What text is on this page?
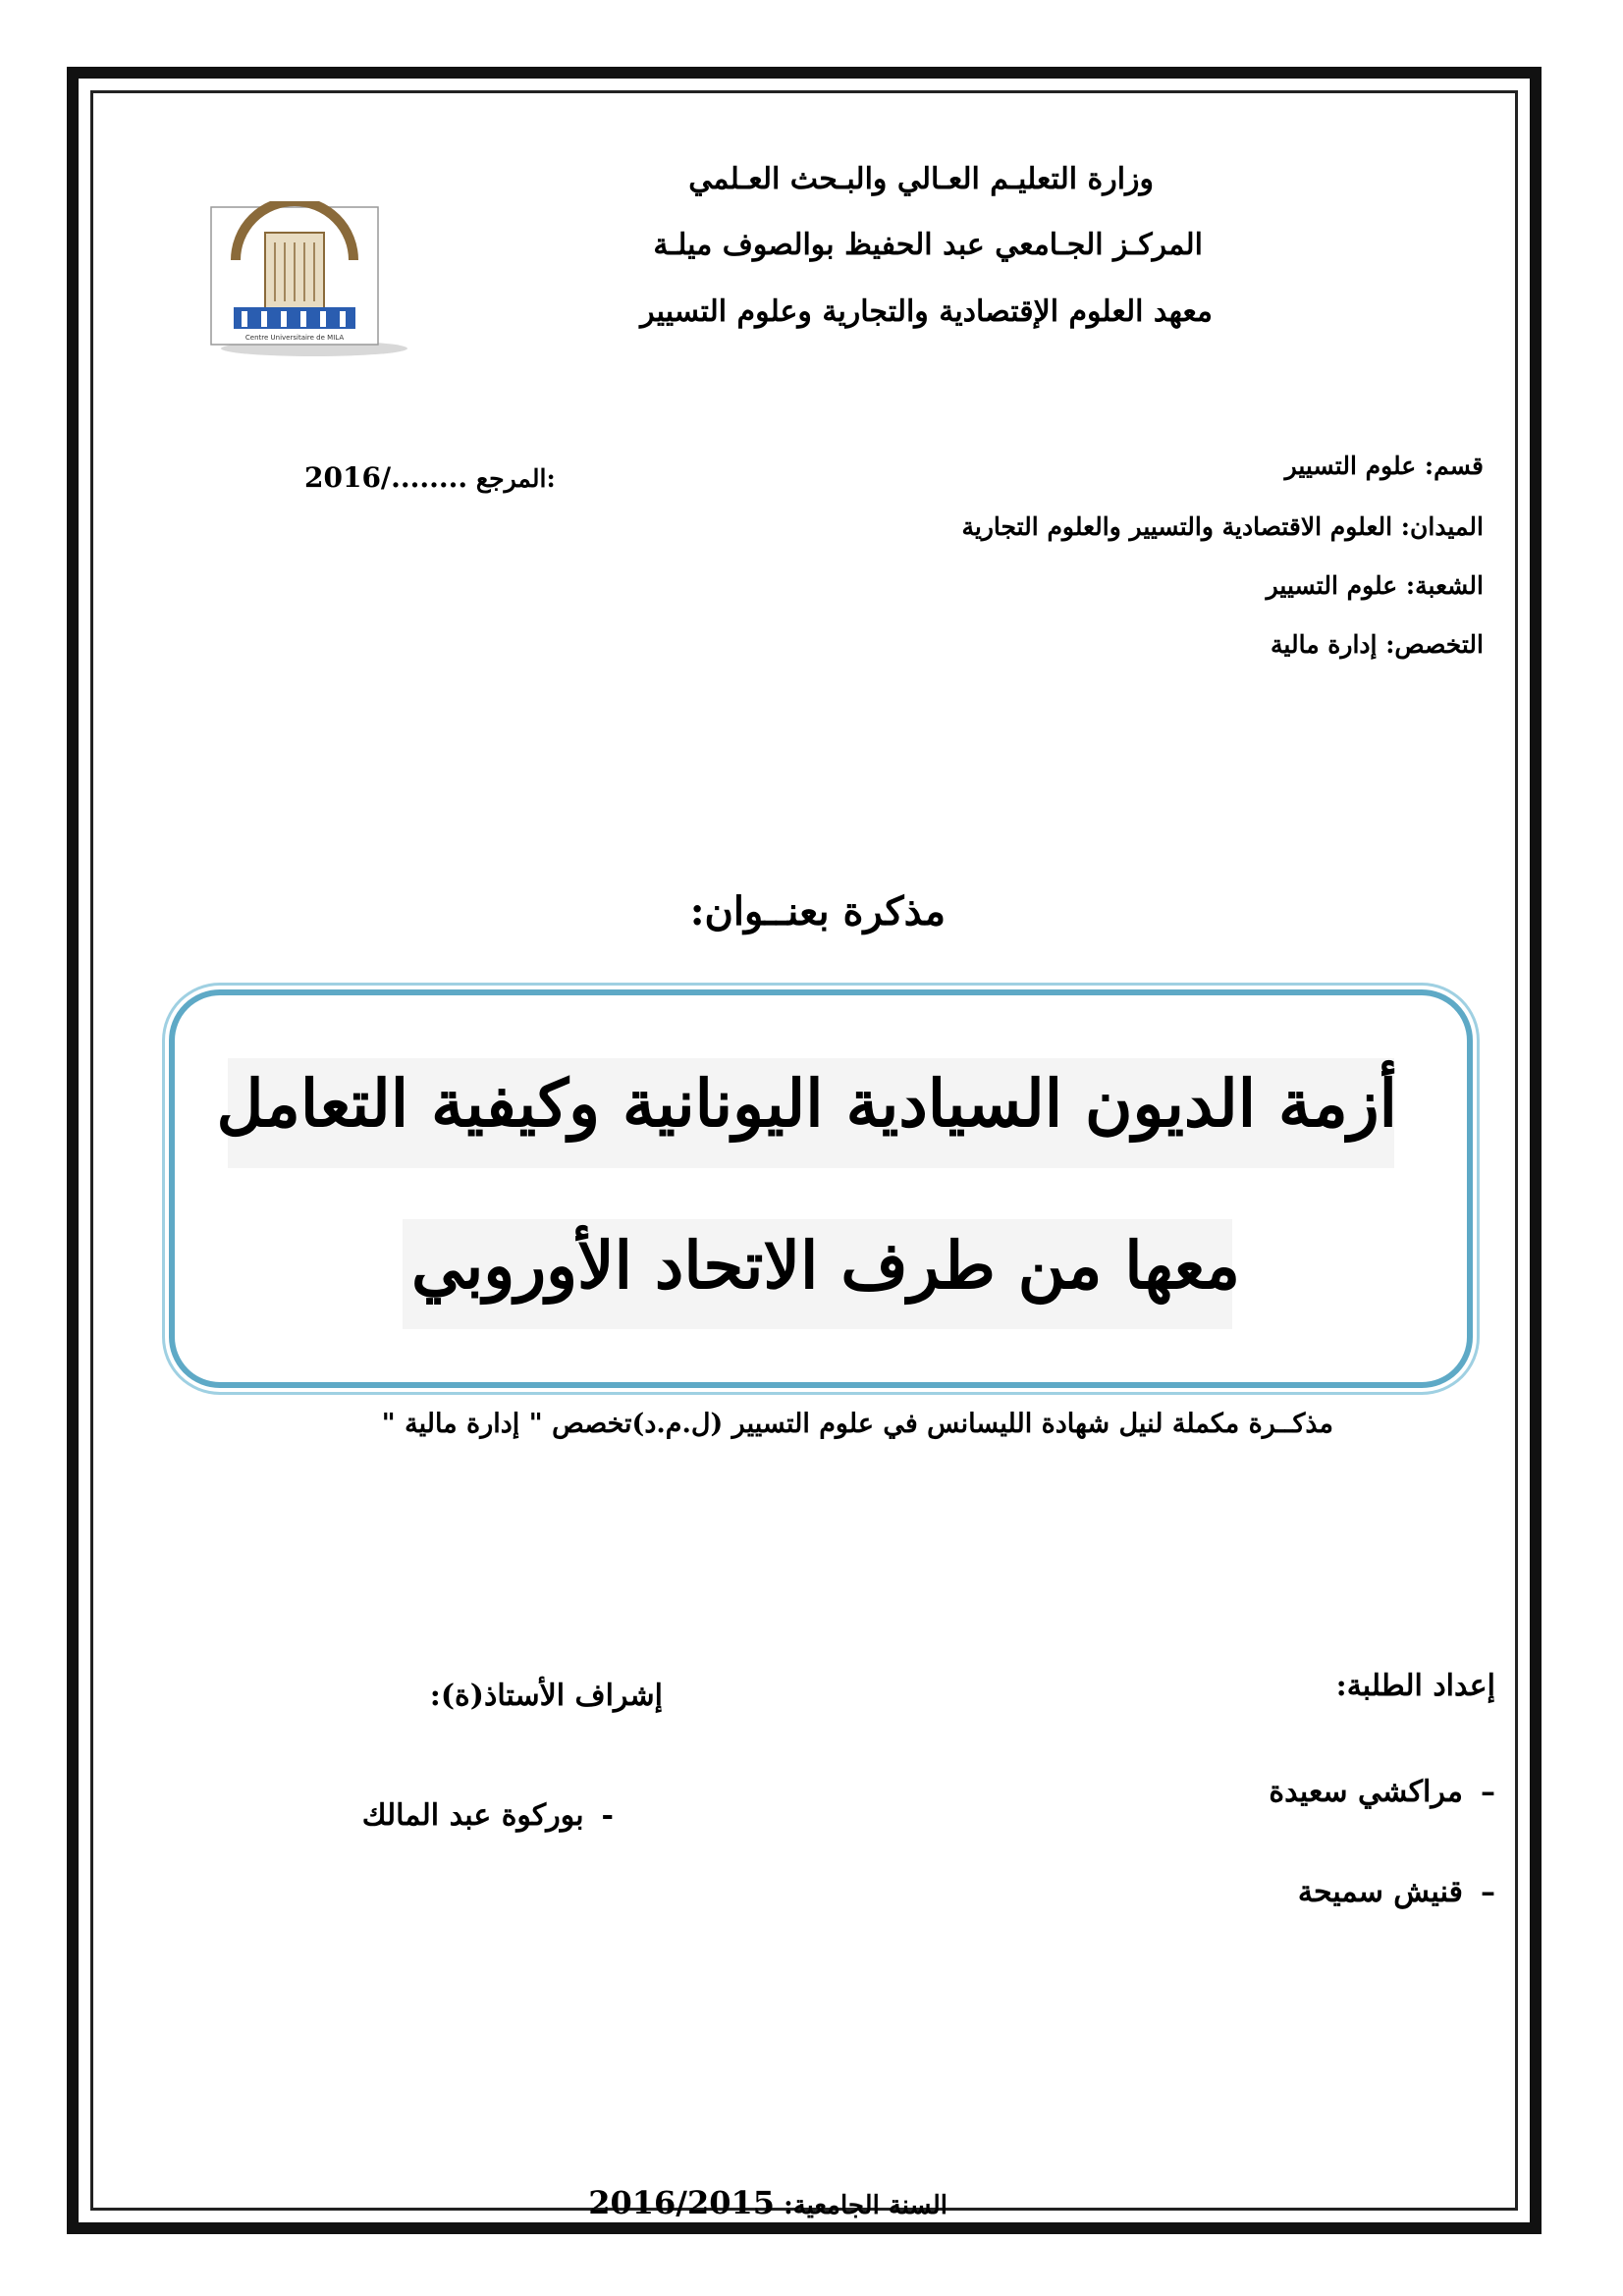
وزارة التعليـم العـالي والبـحث العـلمي
المركـز الجـامعي عبد الحفيظ بوالصوف ميلـة
معهد العلوم الإقتصادية والتجارية وعلوم التسيير
Centre Universitaire de MILA
2016/........ المرجع:	قسم: علوم التسيير
الميدان: العلوم الاقتصادية والتسيير والعلوم التجارية
الشعبة: علوم التسيير
التخصص: إدارة مالية
مذكرة بعنــوان:
أزمة الديون السيادية اليونانية وكيفية التعامل
معها من طرف الاتحاد الأوروبي
مذكــرة مكملة لنيل شهادة الليسانس في علوم التسيير (ل.م.د)تخصص " إدارة مالية "
إشراف الأستاذ(ة):	إعداد الطلبة:
-بوركوة عبد المالك
–مراكشي سعيدة
–قنيش سميحة
السنة الجامعية: 2016/2015
